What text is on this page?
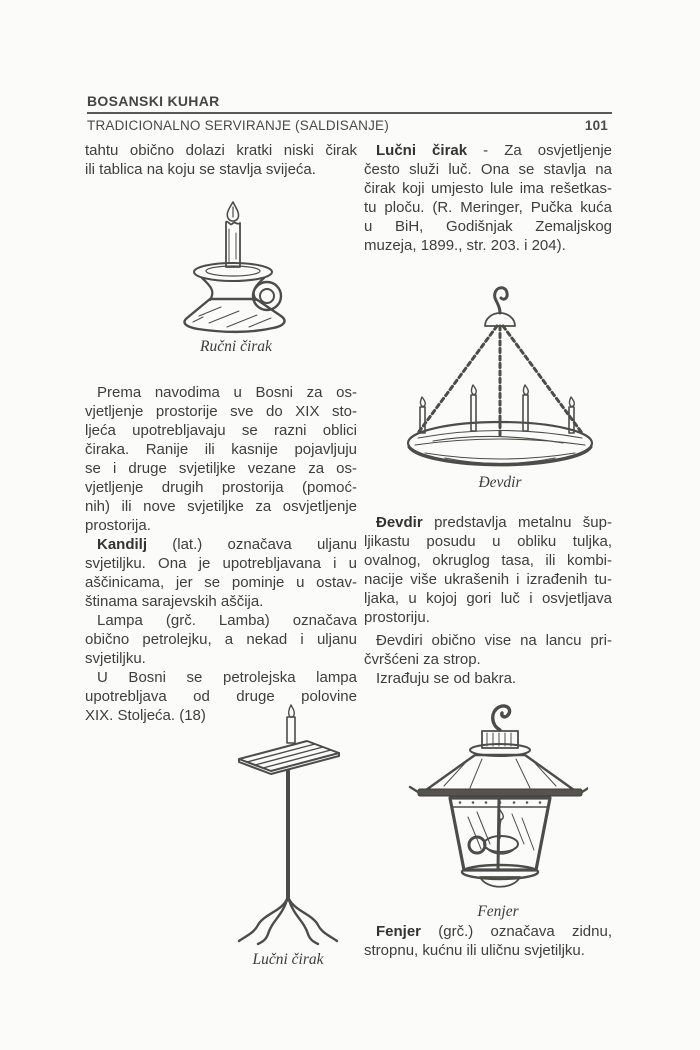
BOSANSKI KUHAR
TRADICIONALNO SERVIRANJE (SALDISANJE)	101
tahtu obično dolazi kratki niski čirak
ili tablica na koju se stavlja svijeća.
Prema navodima u Bosni za os-
vjetljenje prostorije sve do XIX sto-
ljeća upotrebljavaju se razni oblici
čiraka. Ranije ili kasnije pojavljuju
se i druge svjetiljke vezane za os-
vjetljenje drugih prostorija (pomoć-
nih) ili nove svjetiljke za osvjetljenje
prostorija.
Kandilj (lat.) označava uljanu
svjetiljku. Ona je upotrebljavana i u
aščinicama, jer se pominje u ostav-
štinama sarajevskih aščija.
Lampa (grč. Lamba) označava
obično petrolejku, a nekad i uljanu
svjetiljku.
U Bosni se petrolejska lampa
upotrebljava od druge polovine
XIX. Stoljeća. (18)
Lučni čirak - Za osvjetljenje
često služi luč. Ona se stavlja na
čirak koji umjesto lule ima rešetkas-
tu ploču. (R. Meringer, Pučka kuća
u BiH, Godišnjak Zemaljskog
muzeja, 1899., str. 203. i 204).
Đevdir predstavlja metalnu šup-
ljikastu posudu u obliku tuljka,
ovalnog, okruglog tasa, ili kombi-
nacije više ukrašenih i izrađenih tu-
ljaka, u kojoj gori luč i osvjetljava
prostoriju.
Đevdiri obično vise na lancu pri-
čvršćeni za strop.
Izrađuju se od bakra.
Fenjer (grč.) označava zidnu,
stropnu, kućnu ili uličnu svjetiljku.
Ručni čirak
Đevdir
Lučni čirak
Fenjer
